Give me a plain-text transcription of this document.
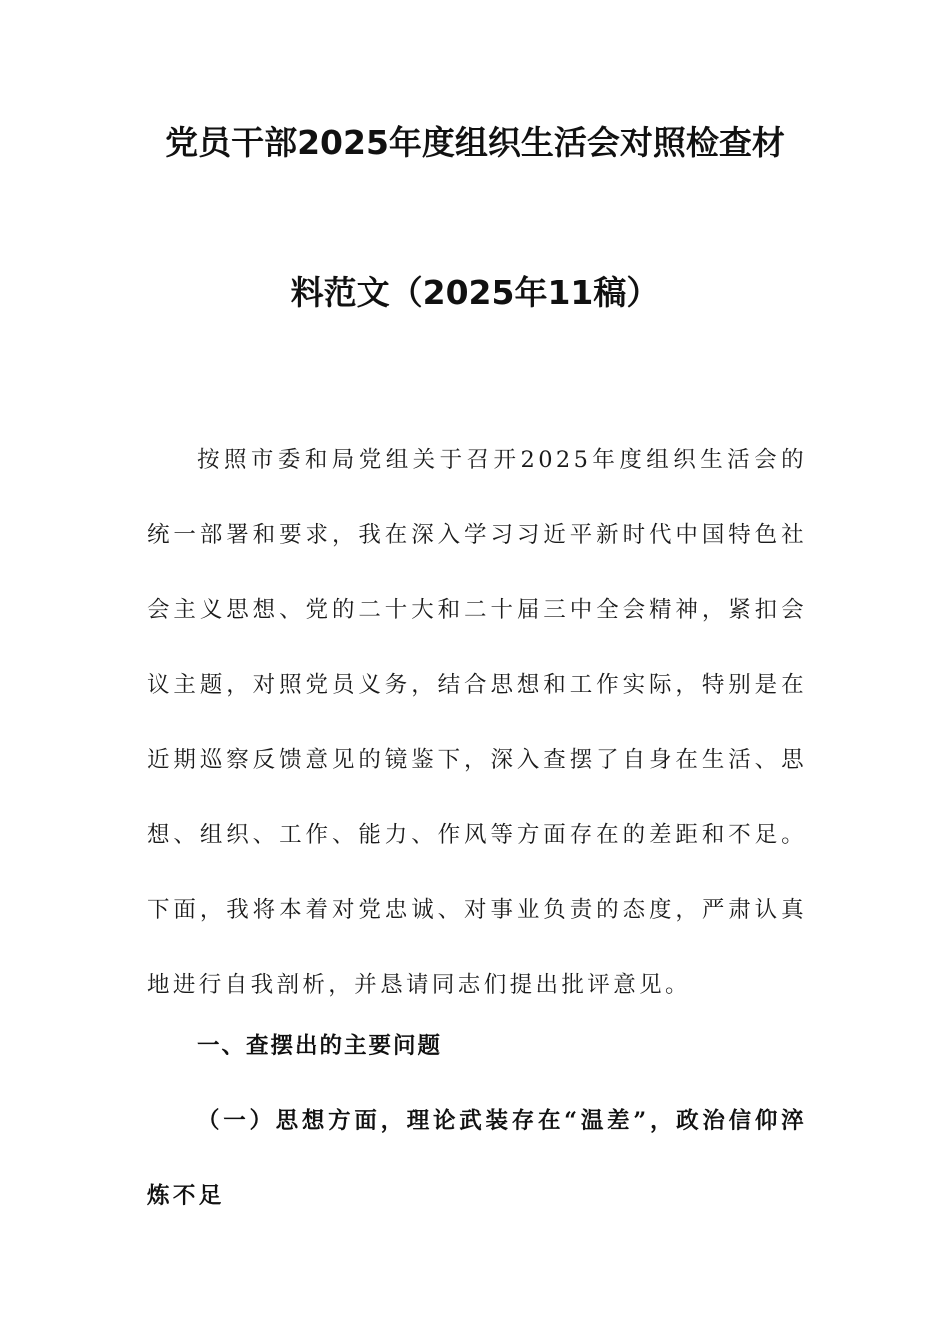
党员干部2025年度组织生活会对照检查材
料范文（2025年11稿）

按照市委和局党组关于召开2025年度组织生活会的统一部署和要求，我在深入学习习近平新时代中国特色社会主义思想、党的二十大和二十届三中全会精神，紧扣会议主题，对照党员义务，结合思想和工作实际，特别是在近期巡察反馈意见的镜鉴下，深入查摆了自身在生活、思想、组织、工作、能力、作风等方面存在的差距和不足。下面，我将本着对党忠诚、对事业负责的态度，严肃认真地进行自我剖析，并恳请同志们提出批评意见。

一、查摆出的主要问题

（一）思想方面，理论武装存在“温差”，政治信仰淬炼不足
